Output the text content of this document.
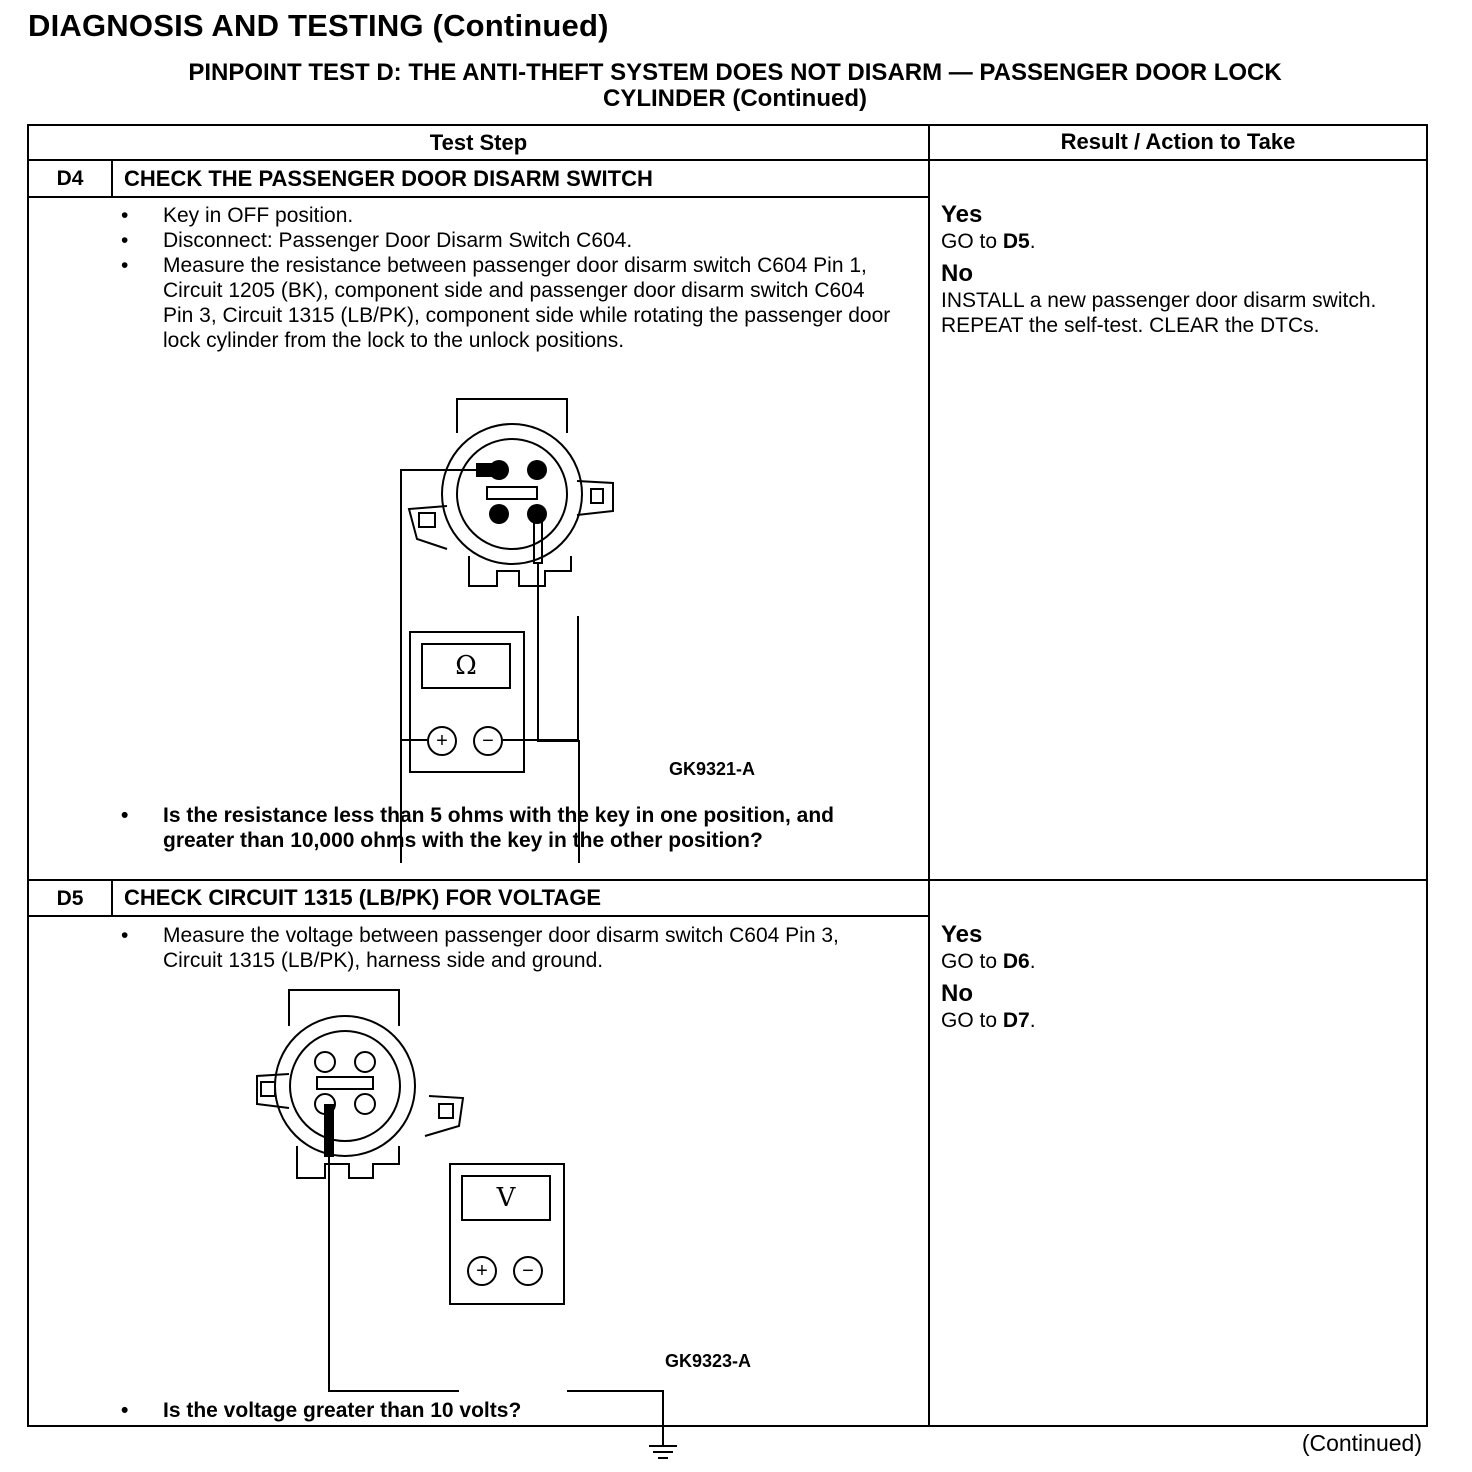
DIAGNOSIS AND TESTING (Continued)
PINPOINT TEST D: THE ANTI-THEFT SYSTEM DOES NOT DISARM — PASSENGER DOOR LOCK
CYLINDER (Continued)
Test Step	Result / Action to Take
D4	CHECK THE PASSENGER DOOR DISARM SWITCH
• Key in OFF position.
• Disconnect: Passenger Door Disarm Switch C604.
• Measure the resistance between passenger door disarm switch C604 Pin 1, Circuit 1205 (BK), component side and passenger door disarm switch C604 Pin 3, Circuit 1315 (LB/PK), component side while rotating the passenger door lock cylinder from the lock to the unlock positions.
Ω
+	−
GK9321-A
• Is the resistance less than 5 ohms with the key in one position, and greater than 10,000 ohms with the key in the other position?
Yes
GO to D5.
No
INSTALL a new passenger door disarm switch. REPEAT the self-test. CLEAR the DTCs.
D5	CHECK CIRCUIT 1315 (LB/PK) FOR VOLTAGE
• Measure the voltage between passenger door disarm switch C604 Pin 3, Circuit 1315 (LB/PK), harness side and ground.
V
+	−
GK9323-A
• Is the voltage greater than 10 volts?
Yes
GO to D6.
No
GO to D7.
(Continued)
